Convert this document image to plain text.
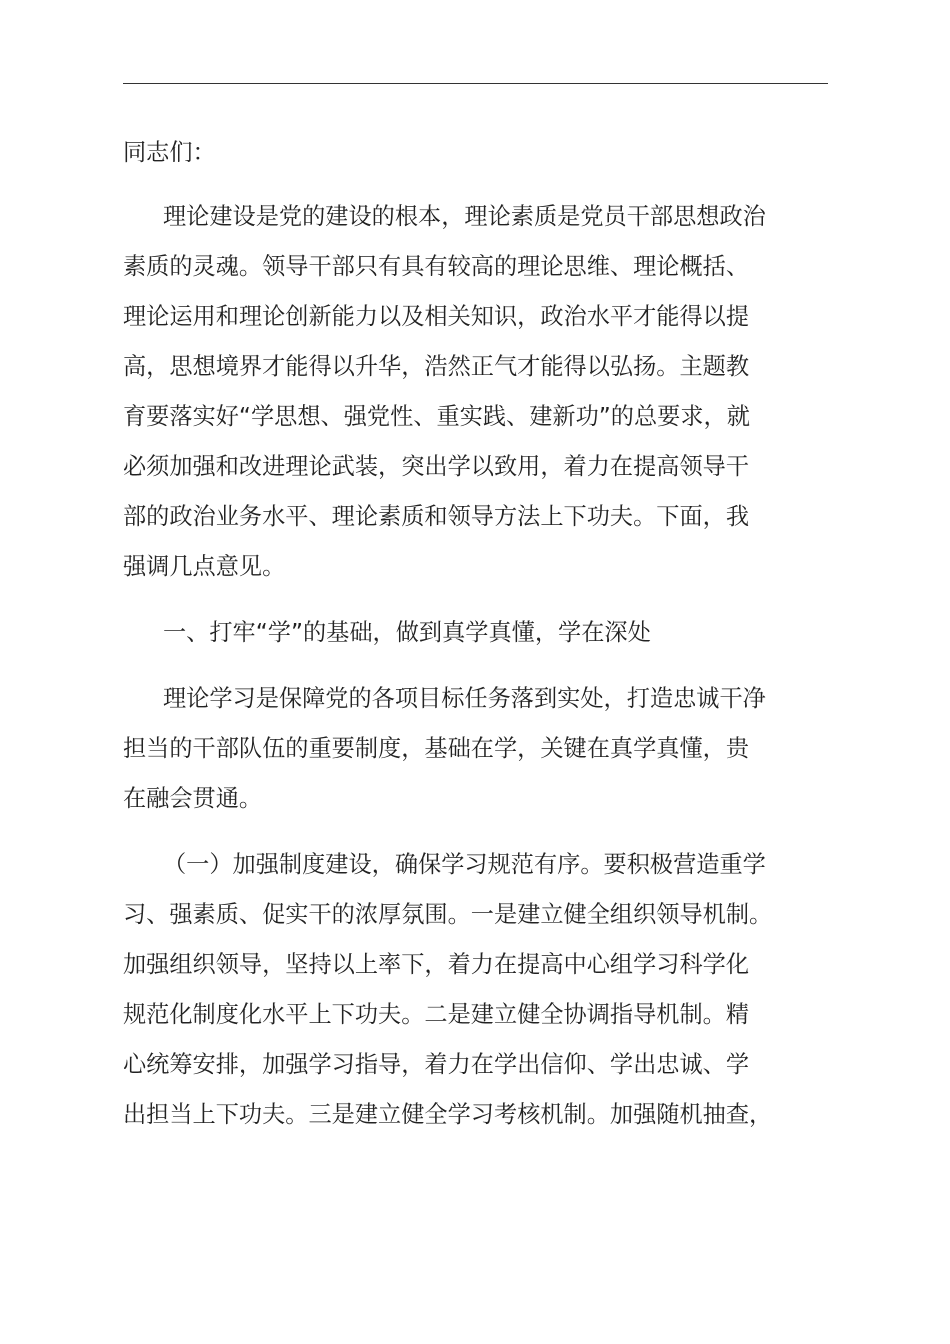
同志们：

理论建设是党的建设的根本，理论素质是党员干部思想政治
素质的灵魂。领导干部只有具有较高的理论思维、理论概括、
理论运用和理论创新能力以及相关知识，政治水平才能得以提
高，思想境界才能得以升华，浩然正气才能得以弘扬。主题教
育要落实好“学思想、强党性、重实践、建新功”的总要求，就
必须加强和改进理论武装，突出学以致用，着力在提高领导干
部的政治业务水平、理论素质和领导方法上下功夫。下面，我
强调几点意见。

一、打牢“学”的基础，做到真学真懂，学在深处

理论学习是保障党的各项目标任务落到实处，打造忠诚干净
担当的干部队伍的重要制度，基础在学，关键在真学真懂，贵
在融会贯通。

（一）加强制度建设，确保学习规范有序。要积极营造重学
习、强素质、促实干的浓厚氛围。一是建立健全组织领导机制。
加强组织领导，坚持以上率下，着力在提高中心组学习科学化
规范化制度化水平上下功夫。二是建立健全协调指导机制。精
心统筹安排，加强学习指导，着力在学出信仰、学出忠诚、学
出担当上下功夫。三是建立健全学习考核机制。加强随机抽查，
